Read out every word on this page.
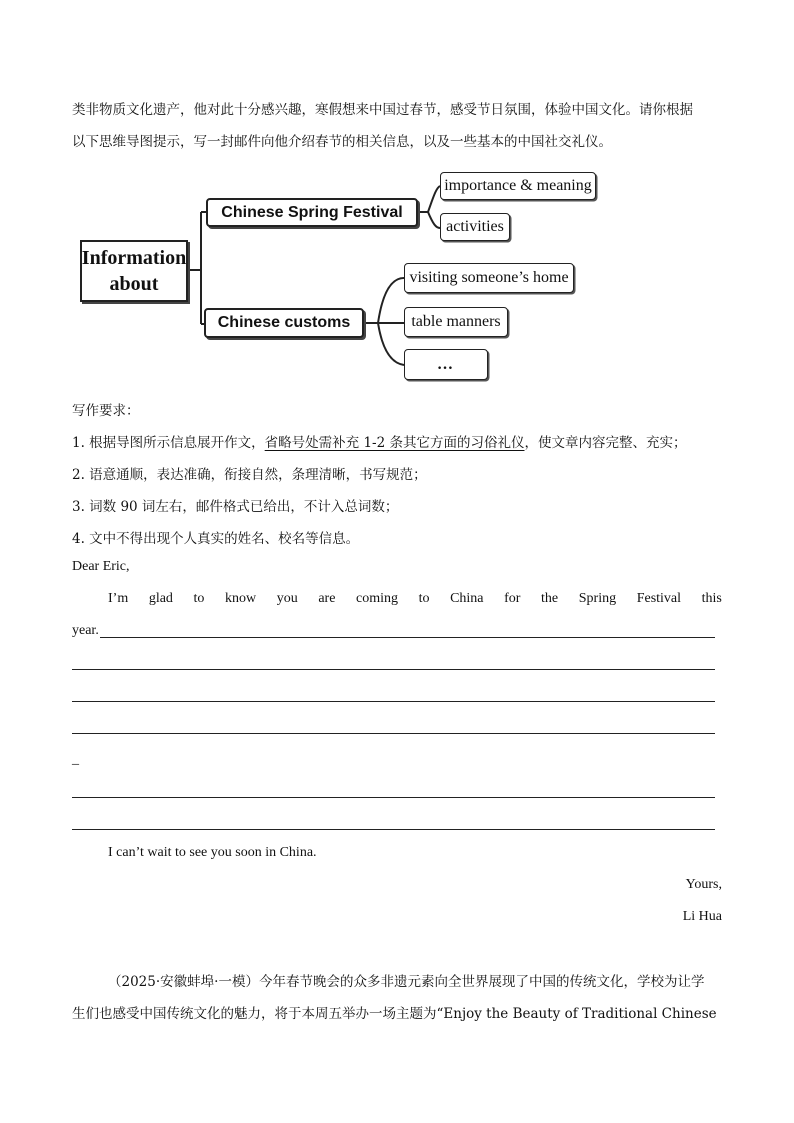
类非物质文化遗产，他对此十分感兴趣，寒假想来中国过春节，感受节日氛围，体验中国文化。请你根据
以下思维导图提示，写一封邮件向他介绍春节的相关信息，以及一些基本的中国社交礼仪。
Information about
Chinese Spring Festival
importance & meaning
activities
Chinese customs
visiting someone’s home
table manners
…
写作要求：
1. 根据导图所示信息展开作文，省略号处需补充 1-2 条其它方面的习俗礼仪，使文章内容完整、充实；
2. 语意通顺，表达准确，衔接自然，条理清晰，书写规范；
3. 词数 90 词左右，邮件格式已给出，不计入总词数；
4. 文中不得出现个人真实的姓名、校名等信息。
Dear Eric,
I’m glad to know you are coming to China for the Spring Festival this
year.
_
I can’t wait to see you soon in China.
Yours,
Li Hua
（2025·安徽蚌埠·一模）今年春节晚会的众多非遗元素向全世界展现了中国的传统文化，学校为让学
生们也感受中国传统文化的魅力，将于本周五举办一场主题为“Enjoy the Beauty of Traditional Chinese
